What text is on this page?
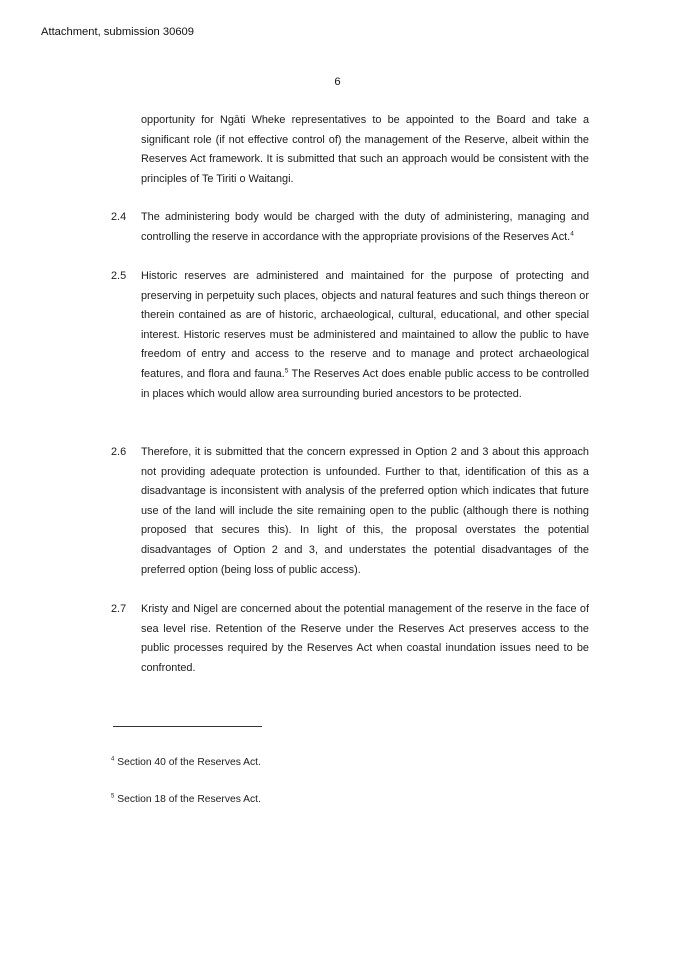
Attachment, submission 30609
6

opportunity for Ngāti Wheke representatives to be appointed to the Board and take a significant role (if not effective control of) the management of the Reserve, albeit within the Reserves Act framework. It is submitted that such an approach would be consistent with the principles of Te Tiriti o Waitangi.

2.4 The administering body would be charged with the duty of administering, managing and controlling the reserve in accordance with the appropriate provisions of the Reserves Act.$^4$

2.5 Historic reserves are administered and maintained for the purpose of protecting and preserving in perpetuity such places, objects and natural features and such things thereon or therein contained as are of historic, archaeological, cultural, educational, and other special interest. Historic reserves must be administered and maintained to allow the public to have freedom of entry and access to the reserve and to manage and protect archaeological features, and flora and fauna.$^5$ The Reserves Act does enable public access to be controlled in places which would allow area surrounding buried ancestors to be protected.

2.6 Therefore, it is submitted that the concern expressed in Option 2 and 3 about this approach not providing adequate protection is unfounded. Further to that, identification of this as a disadvantage is inconsistent with analysis of the preferred option which indicates that future use of the land will include the site remaining open to the public (although there is nothing proposed that secures this). In light of this, the proposal overstates the potential disadvantages of Option 2 and 3, and understates the potential disadvantages of the preferred option (being loss of public access).

2.7 Kristy and Nigel are concerned about the potential management of the reserve in the face of sea level rise. Retention of the Reserve under the Reserves Act preserves access to the public processes required by the Reserves Act when coastal inundation issues need to be confronted.

$^4$ Section 40 of the Reserves Act.
$^5$ Section 18 of the Reserves Act.
